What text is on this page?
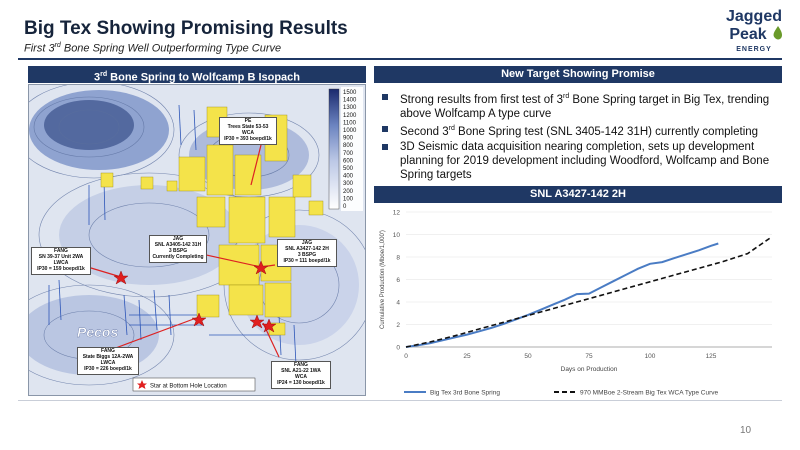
Big Tex Showing Promising Results
First 3rd Bone Spring Well Outperforming Type Curve
Jagged
Peak
ENERGY
3rd Bone Spring to Wolfcamp B Isopach
1500
1400
1300
1200
1100
1000
900
800
700
600
500
400
300
200
100
0
Pecos
Star at Bottom Hole Location
PE
Trees State 53-53
WCA
IP30 = 393 boepd/1k
FANG
SN 39-37 Unit 2WA
LWCA
IP30 = 159 boepd/1k
JAG
SNL A3405-142 31H
3 BSPG
Currently Completing
JAG
SNL A3427-142 2H
3 BSPG
IP30 = 111 boepd/1k
FANG
State Biggs 12A-2WA
LWCA
IP30 = 226 boepd/1k
FANG
SNL A21-22 1WA
WCA
IP24 = 130 boepd/1k
New Target Showing Promise
Strong results from first test of 3rd Bone Spring target in Big Tex, trending above Wolfcamp A type curve
Second 3rd Bone Spring test (SNL 3405-142 31H) currently completing
3D Seismic data acquisition nearing completion, sets up development planning for 2019 development including Woodford, Wolfcamp and Bone Spring targets
SNL A3427-142 2H
0
2
4
6
8
10
12
0	25	50	75	100	125
Days on Production
Cumulative Production (Mboe/1,000')
Big Tex 3rd Bone Spring	970 MMBoe 2-Stream Big Tex WCA Type Curve
10
